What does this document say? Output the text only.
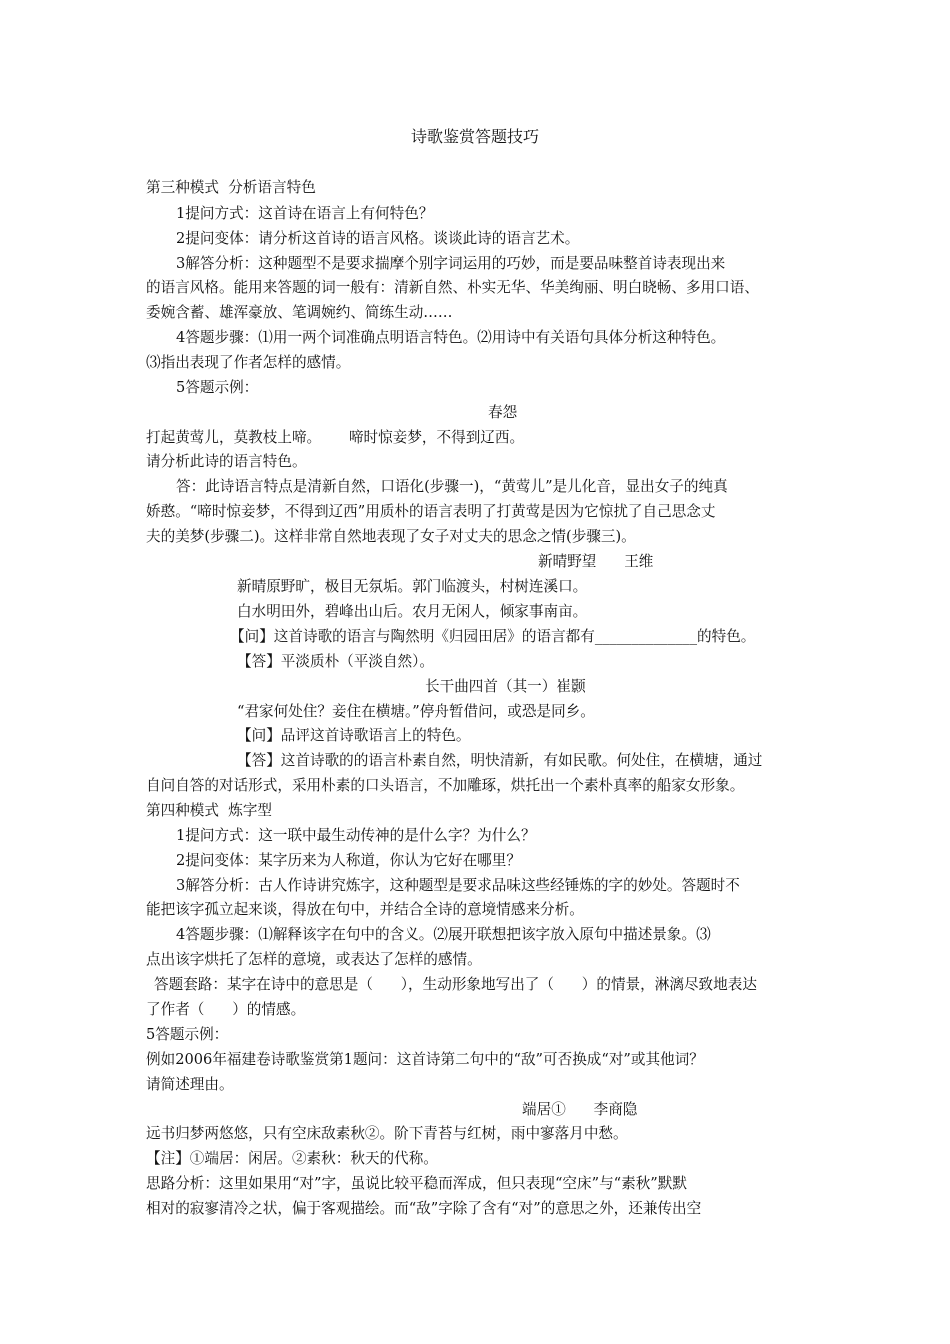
诗歌鉴赏答题技巧
第三种模式  分析语言特色
1提问方式：这首诗在语言上有何特色？
2提问变体：请分析这首诗的语言风格。谈谈此诗的语言艺术。
3解答分析：这种题型不是要求揣摩个别字词运用的巧妙，而是要品味整首诗表现出来
的语言风格。能用来答题的词一般有：清新自然、朴实无华、华美绚丽、明白晓畅、多用口语、
委婉含蓄、雄浑豪放、笔调婉约、简练生动……
4答题步骤：⑴用一两个词准确点明语言特色。⑵用诗中有关语句具体分析这种特色。
⑶指出表现了作者怎样的感情。
5答题示例：
春怨
打起黄莺儿，莫教枝上啼。      啼时惊妾梦，不得到辽西。
请分析此诗的语言特色。
答：此诗语言特点是清新自然，口语化(步骤一)，“黄莺儿”是儿化音，显出女子的纯真
娇憨。“啼时惊妾梦，不得到辽西”用质朴的语言表明了打黄莺是因为它惊扰了自己思念丈
夫的美梦(步骤二)。这样非常自然地表现了女子对丈夫的思念之情(步骤三)。
新晴野望      王维
新晴原野旷，极目无氛垢。郭门临渡头，村树连溪口。
白水明田外，碧峰出山后。农月无闲人，倾家事南亩。
【问】这首诗歌的语言与陶然明《归园田居》的语言都有______________的特色。
【答】平淡质朴（平淡自然）。
长干曲四首（其一）崔颢
“君家何处住？妾住在横塘。”停舟暂借问，或恐是同乡。
【问】品评这首诗歌语言上的特色。
【答】这首诗歌的的语言朴素自然，明快清新，有如民歌。何处住，在横塘，通过
自问自答的对话形式，采用朴素的口头语言，不加雕琢，烘托出一个素朴真率的船家女形象。
第四种模式  炼字型
1提问方式：这一联中最生动传神的是什么字？为什么？
2提问变体：某字历来为人称道，你认为它好在哪里？
3解答分析：古人作诗讲究炼字，这种题型是要求品味这些经锤炼的字的妙处。答题时不
能把该字孤立起来谈，得放在句中，并结合全诗的意境情感来分析。
4答题步骤：⑴解释该字在句中的含义。⑵展开联想把该字放入原句中描述景象。⑶
点出该字烘托了怎样的意境，或表达了怎样的感情。
答题套路：某字在诗中的意思是（      ），生动形象地写出了（      ）的情景，淋漓尽致地表达
了作者（      ）的情感。
5答题示例：
例如2006年福建卷诗歌鉴赏第1题问：这首诗第二句中的“敌”可否换成“对”或其他词？
请简述理由。
端居①      李商隐
远书归梦两悠悠，只有空床敌素秋②。阶下青苔与红树，雨中寥落月中愁。
【注】①端居：闲居。②素秋：秋天的代称。
思路分析：这里如果用“对”字，虽说比较平稳而浑成，但只表现“空床”与“素秋”默默
相对的寂寥清冷之状，偏于客观描绘。而“敌”字除了含有“对”的意思之外，还兼传出空
